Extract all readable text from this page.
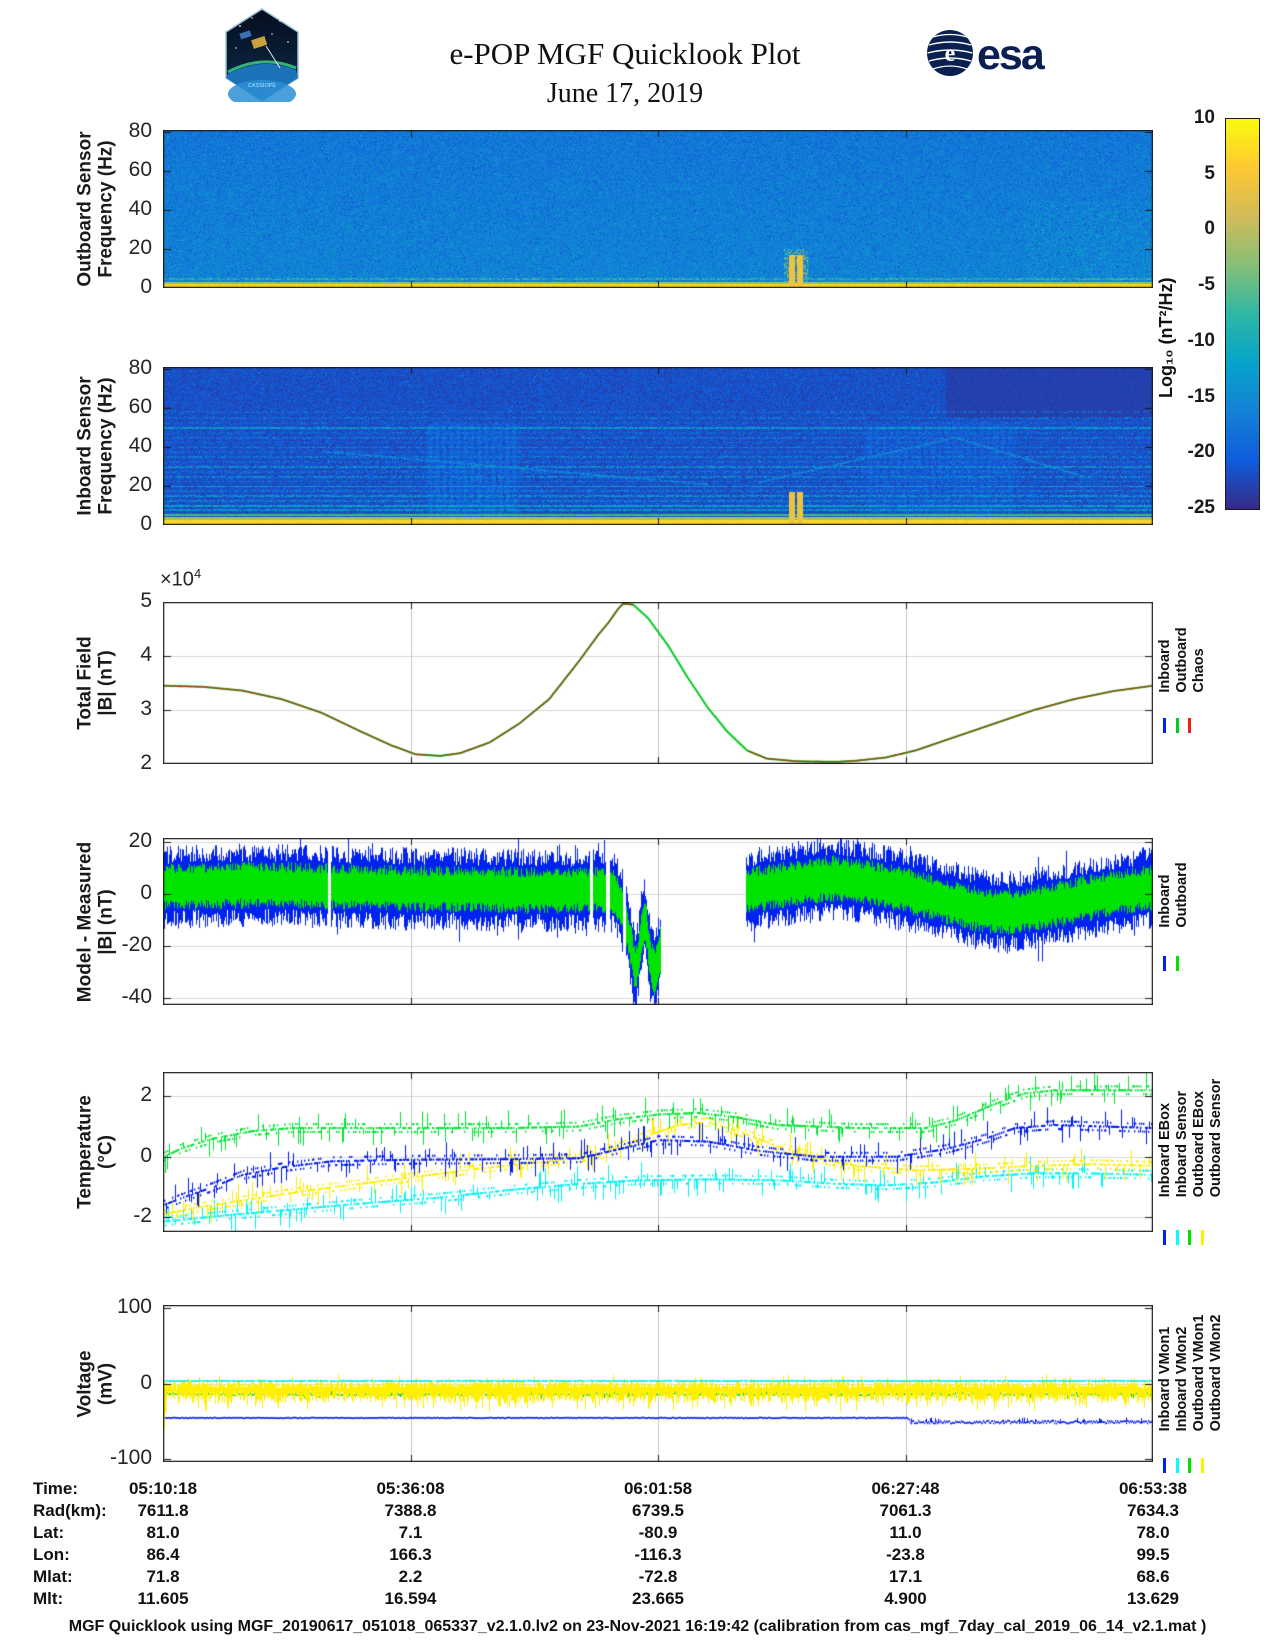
CASSIOPE
e-POP MGF Quicklook Plot
June 17, 2019
e esa
$\times 10^4$
Log₁₀ (nT²/Hz)
10
5
0
-5
-10
-15
-20
-25
0
20
40
60
80
0
20
40
60
80
2
3
4
5
Inboard Outboard Chaos
-40
-20
0
20
Inboard Outboard
-2
0
2
Inboard EBox Inboard Sensor Outboard EBox Outboard Sensor
-100
0
100
Inboard VMon1 Inboard VMon2 Outboard VMon1 Outboard VMon2
Time:	05:10:18	05:36:08	06:01:58	06:27:48	06:53:38
Rad(km):	7611.8	7388.8	6739.5	7061.3	7634.3
Lat:	81.0	7.1	-80.9	11.0	78.0
Lon:	86.4	166.3	-116.3	-23.8	99.5
Mlat:	71.8	2.2	-72.8	17.1	68.6
Mlt:	11.605	16.594	23.665	4.900	13.629
MGF Quicklook using MGF_20190617_051018_065337_v2.1.0.lv2 on 23-Nov-2021 16:19:42 (calibration from cas_mgf_7day_cal_2019_06_14_v2.1.mat )
Outboard Sensor Frequency (Hz)
Inboard Sensor Frequency (Hz)
Total Field |B| (nT)
Model - Measured |B| (nT)
Temperature (°C)
Voltage (mV)
